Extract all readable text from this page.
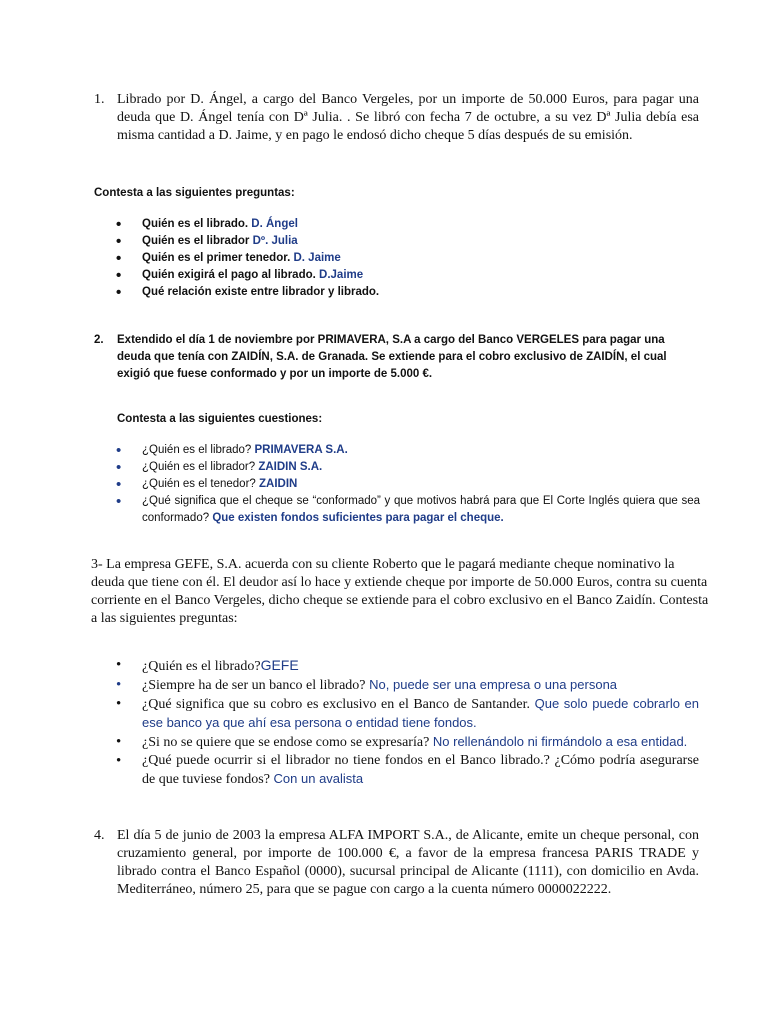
1. Librado por D. Ángel, a cargo del Banco Vergeles, por un importe de 50.000 Euros, para pagar una deuda que D. Ángel tenía con Dª Julia. . Se libró con fecha 7 de octubre, a su vez Dª Julia debía esa misma cantidad a D. Jaime, y en pago le endosó dicho cheque 5 días después de su emisión.
Contesta a las siguientes preguntas:
•
Quién es el librado. D. Ángel
•
Quién es el librador Dº. Julia
•
Quién es el primer tenedor. D. Jaime
•
Quién exigirá el pago al librado. D.Jaime
•
Qué relación existe entre librador y librado.
2. Extendido el día 1 de noviembre por PRIMAVERA, S.A a cargo del Banco VERGELES para pagar una deuda que tenía con ZAIDÍN, S.A. de Granada. Se extiende para el cobro exclusivo de ZAIDÍN, el cual exigió que fuese conformado y por un importe de 5.000 €.
Contesta a las siguientes cuestiones:
•
¿Quién es el librado? PRIMAVERA S.A.
•
¿Quién es el librador? ZAIDIN S.A.
•
¿Quién es el tenedor? ZAIDIN
•
¿Qué significa que el cheque se “conformado” y que motivos habrá para que El Corte Inglés quiera que sea conformado? Que existen fondos suficientes para pagar el cheque.
3- La empresa GEFE, S.A. acuerda con su cliente Roberto que le pagará mediante cheque nominativo la deuda que tiene con él. El deudor así lo hace y extiende cheque por importe de 50.000 Euros, contra su cuenta corriente en el Banco Vergeles, dicho cheque se extiende para el cobro exclusivo en el Banco Zaidín. Contesta a las siguientes preguntas:
•
¿Quién es el librado?GEFE
•
¿Siempre ha de ser un banco el librado? No, puede ser una empresa o una persona
•
¿Qué significa que su cobro es exclusivo en el Banco de Santander. Que solo puede cobrarlo en ese banco ya que ahí esa persona o entidad tiene fondos.
•
¿Si no se quiere que se endose como se expresaría? No rellenándolo ni firmándolo a esa entidad.
•
¿Qué puede ocurrir si el librador no tiene fondos en el Banco librado.? ¿Cómo podría asegurarse de que tuviese fondos? Con un avalista
4. El día 5 de junio de 2003 la empresa ALFA IMPORT S.A., de Alicante, emite un cheque personal, con cruzamiento general, por importe de 100.000 €, a favor de la empresa francesa PARIS TRADE y librado contra el Banco Español (0000), sucursal principal de Alicante (1111), con domicilio en Avda. Mediterráneo, número 25, para que se pague con cargo a la cuenta número 0000022222.
